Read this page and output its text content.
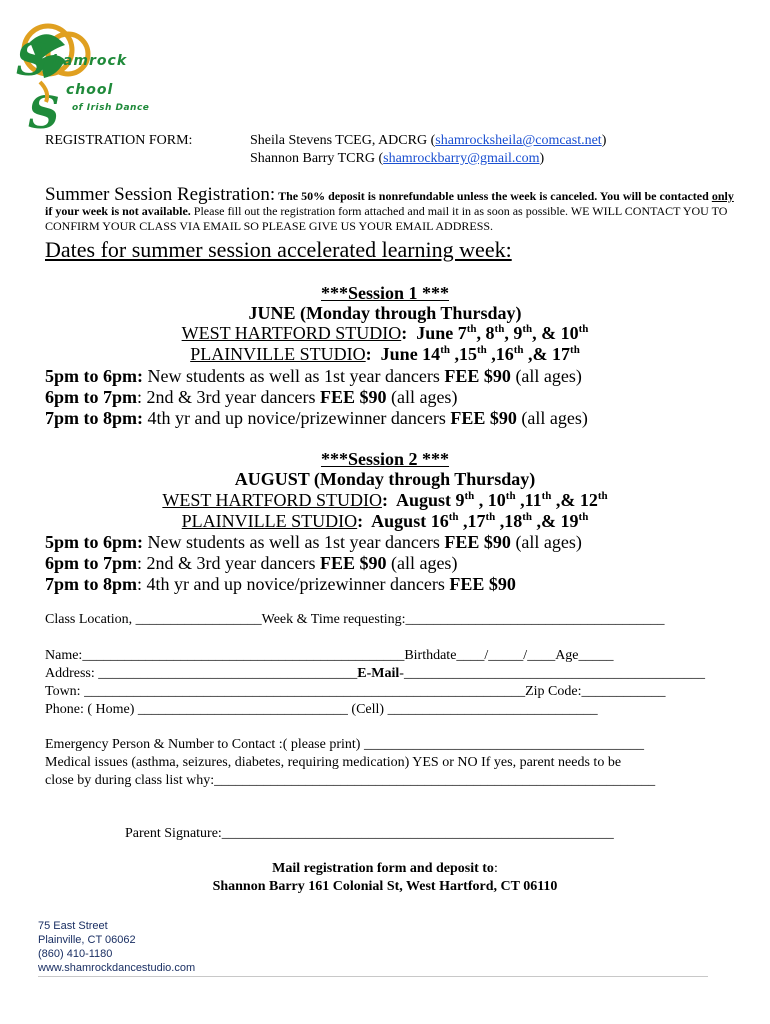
S
S
hamrock
chool
of Irish Dance
REGISTRATION FORM:	Sheila Stevens TCEG, ADCRG (shamrocksheila@comcast.net)
Shannon Barry TCRG (shamrockbarry@gmail.com)
Summer Session Registration: The 50% deposit is nonrefundable unless the week is canceled. You will be contacted only if your week is not available. Please fill out the registration form attached and mail it in as soon as possible. WE WILL CONTACT YOU TO CONFIRM YOUR CLASS VIA EMAIL SO PLEASE GIVE US YOUR EMAIL ADDRESS.
Dates for summer session accelerated learning week:
***Session 1 ***
JUNE (Monday through Thursday)
WEST HARTFORD STUDIO:  June 7th, 8th, 9th, & 10th
PLAINVILLE STUDIO:  June 14th ,15th ,16th ,& 17th
5pm to 6pm: New students as well as 1st year dancers FEE $90 (all ages)
6pm to 7pm: 2nd & 3rd year dancers FEE $90 (all ages)
7pm to 8pm: 4th yr and up novice/prizewinner dancers FEE $90 (all ages)
***Session 2 ***
AUGUST (Monday through Thursday)
WEST HARTFORD STUDIO:  August 9th , 10th ,11th ,& 12th
PLAINVILLE STUDIO:  August 16th ,17th ,18th ,& 19th
5pm to 6pm: New students as well as 1st year dancers FEE $90 (all ages)
6pm to 7pm: 2nd & 3rd year dancers FEE $90 (all ages)
7pm to 8pm: 4th yr and up novice/prizewinner dancers FEE $90
Class Location, __________________Week & Time requesting:_____________________________________
Name:______________________________________________Birthdate____/_____/____Age_____
Address: _____________________________________E-Mail-___________________________________________
Town: _______________________________________________________________Zip Code:____________
Phone: ( Home) ______________________________ (Cell) ______________________________
Emergency Person & Number to Contact :( please print) ________________________________________
Medical issues (asthma, seizures, diabetes, requiring medication) YES or NO If yes, parent needs to be
close by during class list why:_______________________________________________________________
Parent Signature:________________________________________________________
Mail registration form and deposit to:
Shannon Barry 161 Colonial St, West Hartford, CT 06110
75 East Street
Plainville, CT 06062
(860) 410-1180
www.shamrockdancestudio.com
